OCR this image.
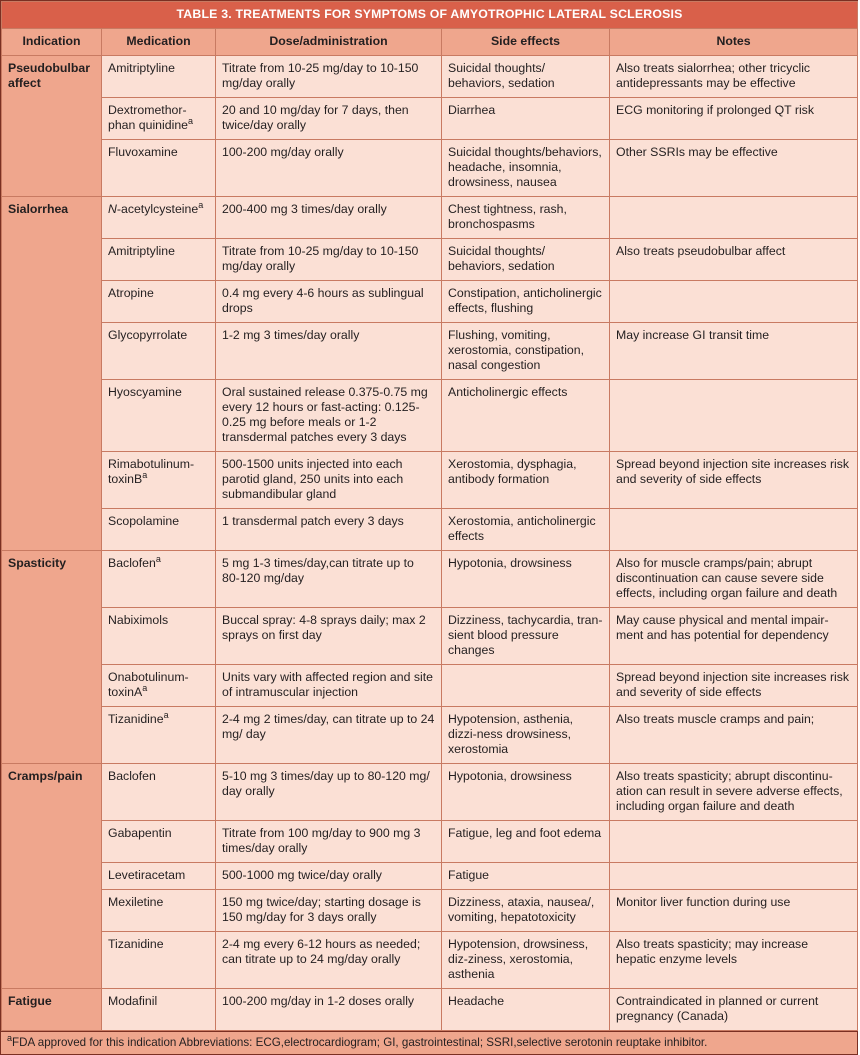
TABLE 3. TREATMENTS FOR SYMPTOMS OF AMYOTROPHIC LATERAL SCLEROSIS				
Indication	Medication	Dose/administration	Side effects	Notes
Pseudobulbar affect	Amitriptyline	Titrate from 10-25 mg/day to 10-150 mg/day orally	Suicidal thoughts/ behaviors, sedation	Also treats sialorrhea; other tricyclic antidepressants may be effective
	Dextromethor-phan quinidine$^a$	20 and 10 mg/day for 7 days, then twice/day orally	Diarrhea	ECG monitoring if prolonged QT risk
	Fluvoxamine	100-200 mg/day orally	Suicidal thoughts/behaviors, headache, insomnia, drowsiness, nausea	Other SSRIs may be effective
Sialorrhea	N-acetylcysteine$^a$	200-400 mg 3 times/day orally	Chest tightness, rash, bronchospasms	
	Amitriptyline	Titrate from 10-25 mg/day to 10-150 mg/day orally	Suicidal thoughts/ behaviors, sedation	Also treats pseudobulbar affect
	Atropine	0.4 mg every 4-6 hours as sublingual drops	Constipation, anticholinergic effects, flushing	
	Glycopyrrolate	1-2 mg 3 times/day orally	Flushing, vomiting, xerostomia, constipation, nasal congestion	May increase GI transit time
	Hyoscyamine	Oral sustained release 0.375-0.75 mg every 12 hours or fast-acting: 0.125-0.25 mg before meals or 1-2 transdermal patches every 3 days	Anticholinergic effects	
	Rimabotulinum-toxinB$^a$	500-1500 units injected into each parotid gland, 250 units into each submandibular gland	Xerostomia, dysphagia, antibody formation	Spread beyond injection site increases risk and severity of side effects
	Scopolamine	1 transdermal patch every 3 days	Xerostomia, anticholinergic effects	
Spasticity	Baclofen$^a$	5 mg 1-3 times/day,can titrate up to 80-120 mg/day	Hypotonia, drowsiness	Also for muscle cramps/pain; abrupt discontinuation can cause severe side effects, including organ failure and death
	Nabiximols	Buccal spray: 4-8 sprays daily; max 2 sprays on first day	Dizziness, tachycardia, tran-sient blood pressure changes	May cause physical and mental impair-ment and has potential for dependency
	Onabotulinum-toxinA$^a$	Units vary with affected region and site of intramuscular injection		Spread beyond injection site increases risk and severity of side effects
	Tizanidine$^a$	2-4 mg 2 times/day, can titrate up to 24 mg/ day	Hypotension, asthenia, dizzi-ness drowsiness, xerostomia	Also treats muscle cramps and pain;
Cramps/pain	Baclofen	5-10 mg 3 times/day up to 80-120 mg/ day orally	Hypotonia, drowsiness	Also treats spasticity; abrupt discontinu-ation can result in severe adverse effects, including organ failure and death
	Gabapentin	Titrate from 100 mg/day to 900 mg 3 times/day orally	Fatigue, leg and foot edema	
	Levetiracetam	500-1000 mg twice/day orally	Fatigue	
	Mexiletine	150 mg twice/day; starting dosage is 150 mg/day for 3 days orally	Dizziness, ataxia, nausea/, vomiting, hepatotoxicity	Monitor liver function during use
	Tizanidine	2-4 mg every 6-12 hours as needed; can titrate up to 24 mg/day orally	Hypotension, drowsiness, diz-ziness, xerostomia, asthenia	Also treats spasticity; may increase hepatic enzyme levels
Fatigue	Modafinil	100-200 mg/day in 1-2 doses orally	Headache	Contraindicated in planned or current pregnancy (Canada)
$^a$FDA approved for this indication Abbreviations: ECG,electrocardiogram; GI, gastrointestinal; SSRI,selective serotonin reuptake inhibitor.
